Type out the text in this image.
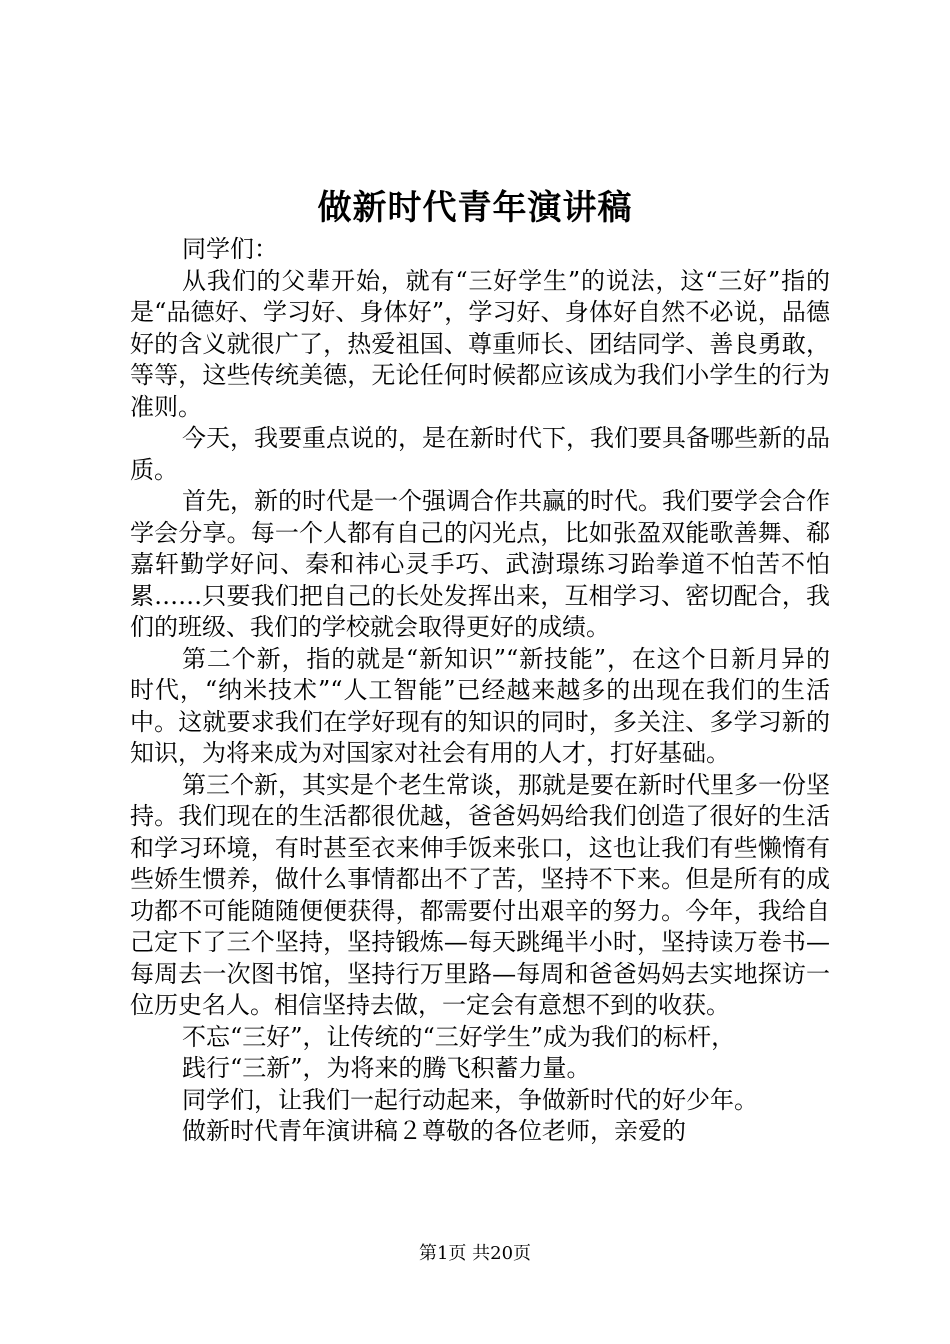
做新时代青年演讲稿

同学们：

从我们的父辈开始，就有“三好学生”的说法，这“三好”指的是“品德好、学习好、身体好”，学习好、身体好自然不必说，品德好的含义就很广了，热爱祖国、尊重师长、团结同学、善良勇敢，等等，这些传统美德，无论任何时候都应该成为我们小学生的行为准则。

今天，我要重点说的，是在新时代下，我们要具备哪些新的品质。

首先，新的时代是一个强调合作共赢的时代。我们要学会合作学会分享。每一个人都有自己的闪光点，比如张盈双能歌善舞、郗嘉轩勤学好问、秦和祎心灵手巧、武澍璟练习跆拳道不怕苦不怕累……只要我们把自己的长处发挥出来，互相学习、密切配合，我们的班级、我们的学校就会取得更好的成绩。

第二个新，指的就是“新知识”“新技能”，在这个日新月异的时代，“纳米技术”“人工智能”已经越来越多的出现在我们的生活中。这就要求我们在学好现有的知识的同时，多关注、多学习新的知识，为将来成为对国家对社会有用的人才，打好基础。

第三个新，其实是个老生常谈，那就是要在新时代里多一份坚持。我们现在的生活都很优越，爸爸妈妈给我们创造了很好的生活和学习环境，有时甚至衣来伸手饭来张口，这也让我们有些懒惰有些娇生惯养，做什么事情都出不了苦，坚持不下来。但是所有的成功都不可能随随便便获得，都需要付出艰辛的努力。今年，我给自己定下了三个坚持，坚持锻炼—每天跳绳半小时，坚持读万卷书—每周去一次图书馆，坚持行万里路—每周和爸爸妈妈去实地探访一位历史名人。相信坚持去做，一定会有意想不到的收获。

不忘“三好”，让传统的“三好学生”成为我们的标杆，

践行“三新”，为将来的腾飞积蓄力量。

同学们，让我们一起行动起来，争做新时代的好少年。

做新时代青年演讲稿２尊敬的各位老师，亲爱的

第1页 共20页
